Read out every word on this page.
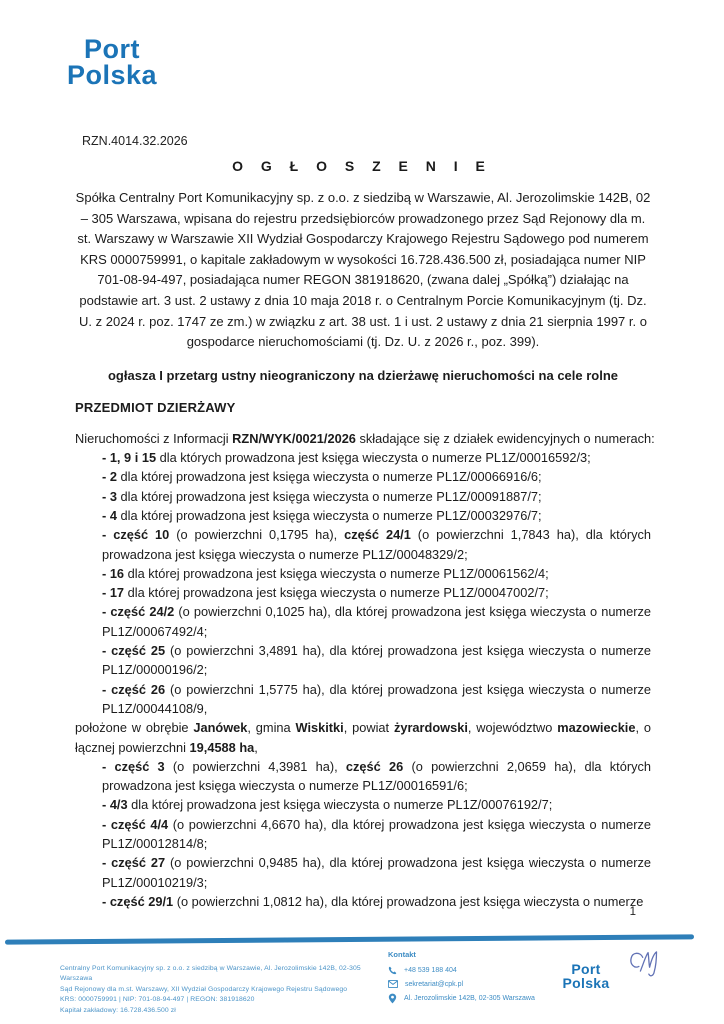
Port
Polska
RZN.4014.32.2026
O G Ł O S Z E N I E

Spółka Centralny Port Komunikacyjny sp. z o.o. z siedzibą w Warszawie, Al. Jerozolimskie 142B, 02 – 305 Warszawa, wpisana do rejestru przedsiębiorców prowadzonego przez Sąd Rejonowy dla m. st. Warszawy w Warszawie XII Wydział Gospodarczy Krajowego Rejestru Sądowego pod numerem KRS 0000759991, o kapitale zakładowym w wysokości 16.728.436.500 zł, posiadająca numer NIP 701-08-94-497, posiadająca numer REGON 381918620, (zwana dalej „Spółką”) działając na podstawie art. 3 ust. 2 ustawy z dnia 10 maja 2018 r. o Centralnym Porcie Komunikacyjnym (tj. Dz. U. z 2024 r. poz. 1747 ze zm.) w związku z art. 38 ust. 1 i ust. 2 ustawy z dnia 21 sierpnia 1997 r. o gospodarce nieruchomościami (tj. Dz. U. z 2026 r., poz. 399).

ogłasza I przetarg ustny nieograniczony na dzierżawę nieruchomości na cele rolne

PRZEDMIOT DZIERŻAWY

Nieruchomości z Informacji RZN/WYK/0021/2026 składające się z działek ewidencyjnych o numerach:
- 1, 9 i 15 dla których prowadzona jest księga wieczysta o numerze PL1Z/00016592/3;
- 2 dla której prowadzona jest księga wieczysta o numerze PL1Z/00066916/6;
- 3 dla której prowadzona jest księga wieczysta o numerze PL1Z/00091887/7;
- 4 dla której prowadzona jest księga wieczysta o numerze PL1Z/00032976/7;
- część 10 (o powierzchni 0,1795 ha), część 24/1 (o powierzchni 1,7843 ha), dla których prowadzona jest księga wieczysta o numerze PL1Z/00048329/2;
- 16 dla której prowadzona jest księga wieczysta o numerze PL1Z/00061562/4;
- 17 dla której prowadzona jest księga wieczysta o numerze PL1Z/00047002/7;
- część 24/2 (o powierzchni 0,1025 ha), dla której prowadzona jest księga wieczysta o numerze PL1Z/00067492/4;
- część 25 (o powierzchni 3,4891 ha), dla której prowadzona jest księga wieczysta o numerze PL1Z/00000196/2;
- część 26 (o powierzchni 1,5775 ha), dla której prowadzona jest księga wieczysta o numerze PL1Z/00044108/9,
położone w obrębie Janówek, gmina Wiskitki, powiat żyrardowski, województwo mazowieckie, o łącznej powierzchni 19,4588 ha,
- część 3 (o powierzchni 4,3981 ha), część 26 (o powierzchni 2,0659 ha), dla których prowadzona jest księga wieczysta o numerze PL1Z/00016591/6;
- 4/3 dla której prowadzona jest księga wieczysta o numerze PL1Z/00076192/7;
- część 4/4 (o powierzchni 4,6670 ha), dla której prowadzona jest księga wieczysta o numerze PL1Z/00012814/8;
- część 27 (o powierzchni 0,9485 ha), dla której prowadzona jest księga wieczysta o numerze PL1Z/00010219/3;
- część 29/1 (o powierzchni 1,0812 ha), dla której prowadzona jest księga wieczysta o numerze
1
Centralny Port Komunikacyjny sp. z o.o. z siedzibą w Warszawie, Al. Jerozolimskie 142B, 02-305 Warszawa
Sąd Rejonowy dla m.st. Warszawy, XII Wydział Gospodarczy Krajowego Rejestru Sądowego
KRS: 0000759991 | NIP: 701-08-94-497 | REGON: 381918620
Kapitał zakładowy: 16.728.436.500 zł
Kontakt
+48 539 188 404
sekretariat@cpk.pl
Al. Jerozolimskie 142B, 02-305 Warszawa
Port
Polska
